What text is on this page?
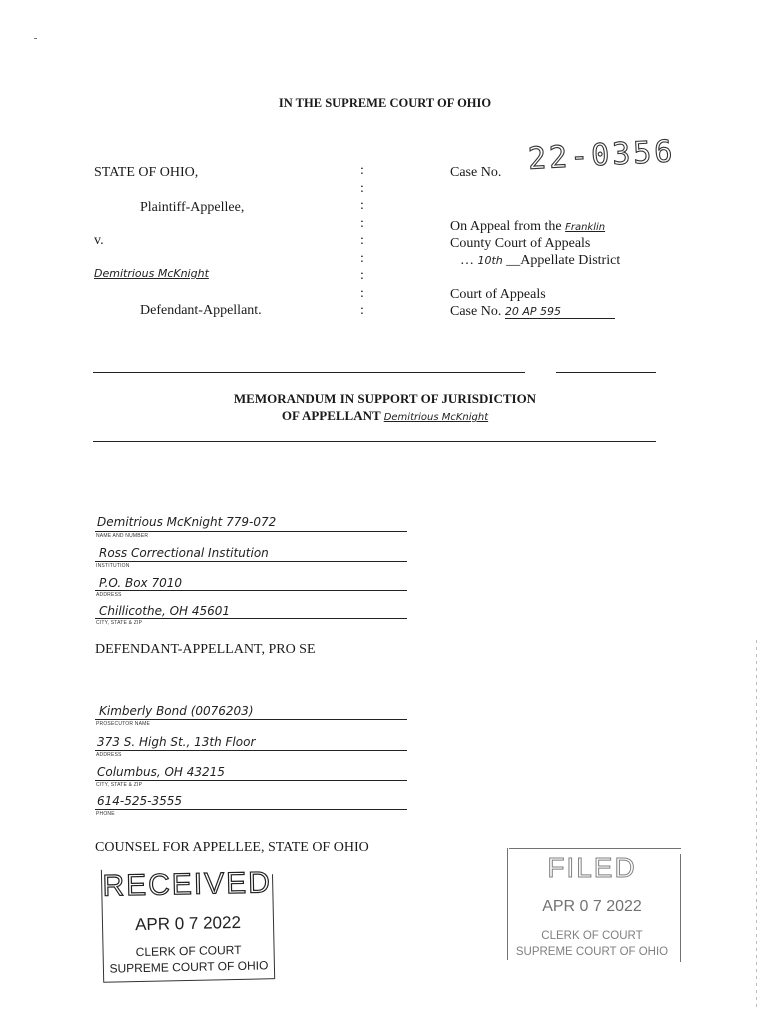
IN THE SUPREME COURT OF OHIO
STATE OF OHIO,
Plaintiff-Appellee,
v.
Demitrious McKnight
Defendant-Appellant.
:
:
:
:
:
:
:
:
:
Case No. 22-0356
On Appeal from the Franklin
County Court of Appeals
… 10th __Appellate District
Court of Appeals
Case No. 20 AP 595
MEMORANDUM IN SUPPORT OF JURISDICTION
OF APPELLANT Demitrious McKnight
Demitrious McKnight 779-072
NAME AND NUMBER
Ross Correctional Institution
INSTITUTION
P.O. Box 7010
ADDRESS
Chillicothe, OH 45601
CITY, STATE & ZIP
DEFENDANT-APPELLANT, PRO SE
Kimberly Bond (0076203)
PROSECUTOR NAME
373 S. High St., 13th Floor
ADDRESS
Columbus, OH 43215
CITY, STATE & ZIP
614-525-3555
PHONE
COUNSEL FOR APPELLEE, STATE OF OHIO
RECEIVED
APR 0 7 2022
CLERK OF COURT
SUPREME COURT OF OHIO
FILED
APR 0 7 2022
CLERK OF COURT
SUPREME COURT OF OHIO
